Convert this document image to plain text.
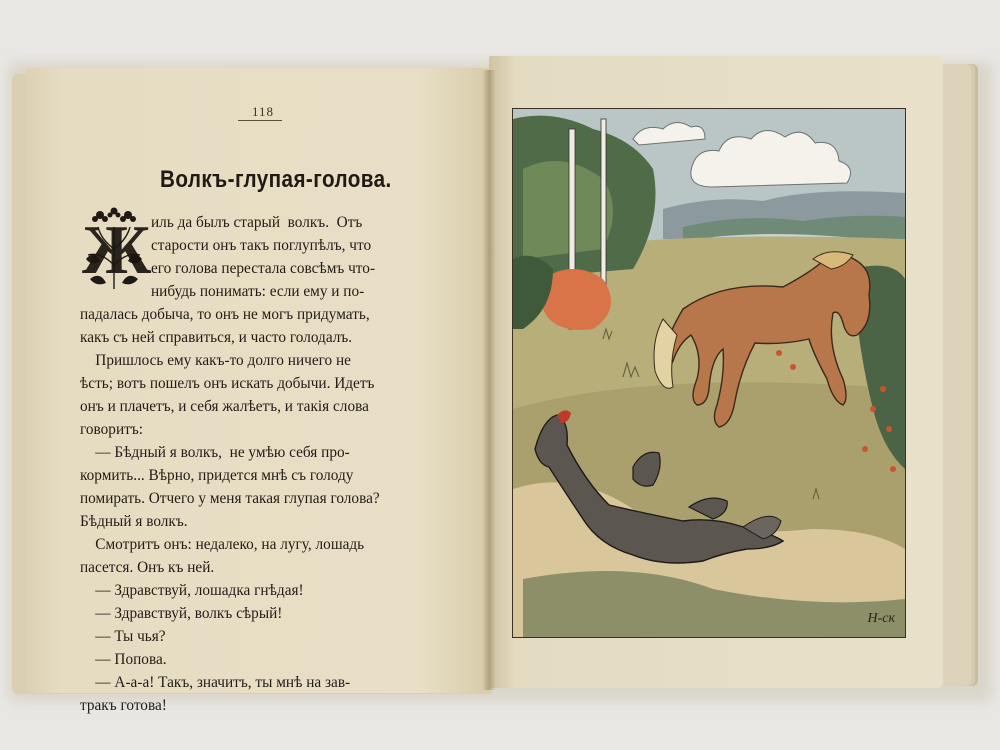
118
Волкъ-глупая-голова.
Ж иль да былъ старый  волкъ.  Отъ
старости онъ такъ поглупѣлъ, что
его голова перестала совсѣмъ что-
нибудь понимать: если ему и по-
падалась добыча, то онъ не могъ придумать,
какъ съ ней справиться, и часто голодалъ.
Пришлось ему какъ-то долго ничего не
ѣсть; вотъ пошелъ онъ искать добычи. Идетъ
онъ и плачетъ, и себя жалѣетъ, и такія слова
говоритъ:
— Бѣдный я волкъ,  не умѣю себя про-
кормить... Вѣрно, придется мнѣ съ голоду
помирать. Отчего у меня такая глупая голова?
Бѣдный я волкъ.
Смотритъ онъ: недалеко, на лугу, лошадь
пасется. Онъ къ ней.
— Здравствуй, лошадка гнѣдая!
— Здравствуй, волкъ сѣрый!
— Ты чья?
— Попова.
— А-а-а! Такъ, значитъ, ты мнѣ на зав-
тракъ готова!
Н-ск
